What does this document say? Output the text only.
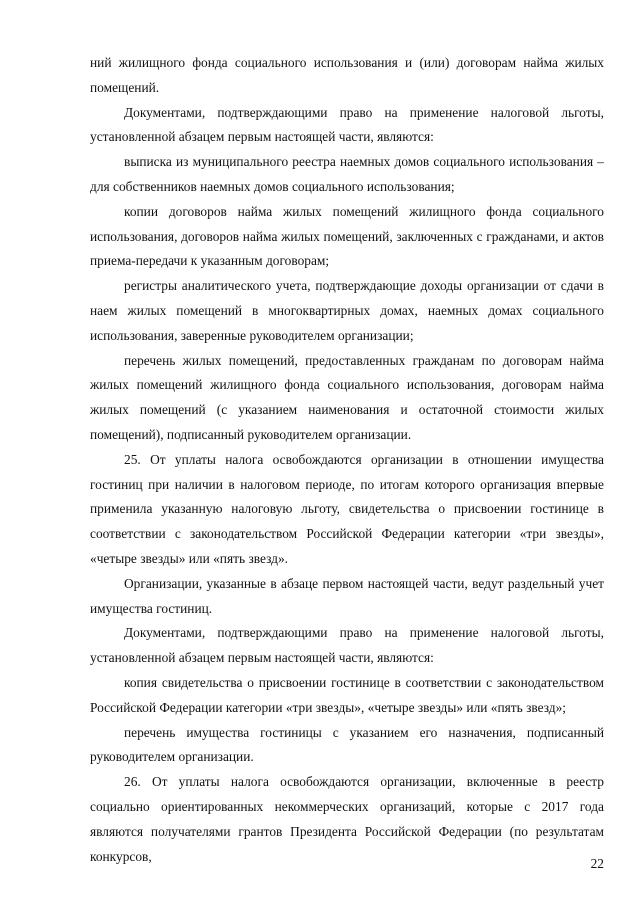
ний жилищного фонда социального использования и (или) договорам найма жилых помещений.

Документами, подтверждающими право на применение налоговой льготы, установленной абзацем первым настоящей части, являются:

выписка из муниципального реестра наемных домов социального использования – для собственников наемных домов социального использования;

копии договоров найма жилых помещений жилищного фонда социального использования, договоров найма жилых помещений, заключенных с гражданами, и актов приема-передачи к указанным договорам;

регистры аналитического учета, подтверждающие доходы организации от сдачи в наем жилых помещений в многоквартирных домах, наемных домах социального использования, заверенные руководителем организации;

перечень жилых помещений, предоставленных гражданам по договорам найма жилых помещений жилищного фонда социального использования, договорам найма жилых помещений (с указанием наименования и остаточной стоимости жилых помещений), подписанный руководителем организации.

25. От уплаты налога освобождаются организации в отношении имущества гостиниц при наличии в налоговом периоде, по итогам которого организация впервые применила указанную налоговую льготу, свидетельства о присвоении гостинице в соответствии с законодательством Российской Федерации категории «три звезды», «четыре звезды» или «пять звезд».

Организации, указанные в абзаце первом настоящей части, ведут раздельный учет имущества гостиниц.

Документами, подтверждающими право на применение налоговой льготы, установленной абзацем первым настоящей части, являются:

копия свидетельства о присвоении гостинице в соответствии с законодательством Российской Федерации категории «три звезды», «четыре звезды» или «пять звезд»;

перечень имущества гостиницы с указанием его назначения, подписанный руководителем организации.

26. От уплаты налога освобождаются организации, включенные в реестр социально ориентированных некоммерческих организаций, которые с 2017 года являются получателями грантов Президента Российской Федерации (по результатам конкурсов,	22
